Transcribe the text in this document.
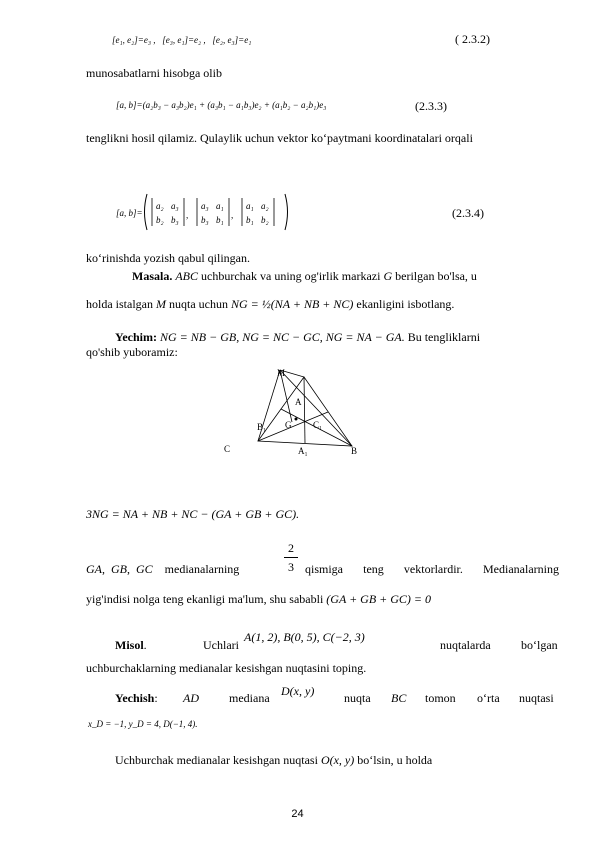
[e₁, e₂]=e₃ , [e₃, e₁]=e₂ , [e₂, e₃]=e₁	( 2.3.2)
munosabatlarni hisobga olib
[a, b]=(a₂b₃ − a₃b₂)e₁ + (a₃b₁ − a₁b₃)e₂ + (a₁b₂ − a₂b₁)e₃	(2.3.3)
tenglikni hosil qilamiz. Qulaylik uchun vektor ko‘paytmani koordinatalari orqali
[a, b]=
a₂ a₃
b₂ b₃ ,
a₃ a₁
b₃ b₁ ,
a₁ a₂
b₁ b₂	(2.3.4)
ko‘rinishda yozish qabul qilingan.
Masala. ABC uchburchak va uning og'irlik markazi G berilgan bo'lsa, u
holda istalgan M nuqta uchun NG = ½(NA + NB + NC) ekanligini isbotlang.
Yechim: NG = NB − GB, NG = NC − GC, NG = NA − GA. Bu tengliklarni
qo'shib yuboramiz:
M
A
B₁ G C₁
C	A₁	B
3NG = NA + NB + NC − (GA + GB + GC).
GA, GB, GC medianalarning
2
3 qismiga teng vektorlardir. Medianalarning
yig'indisi nolga teng ekanligi ma'lum, shu sababli (GA + GB + GC) = 0
Misol.	Uchlari
A(1, 2), B(0, 5), C(−2, 3)
nuqtalarda	bo‘lgan
uchburchaklarning medianalar kesishgan nuqtasini toping.
Yechish: AD	mediana D(x, y) nuqta BC tomon o‘rta nuqtasi
x_D = −1, y_D = 4, D(−1, 4).
Uchburchak medianalar kesishgan nuqtasi O(x, y) bo‘lsin, u holda
24
